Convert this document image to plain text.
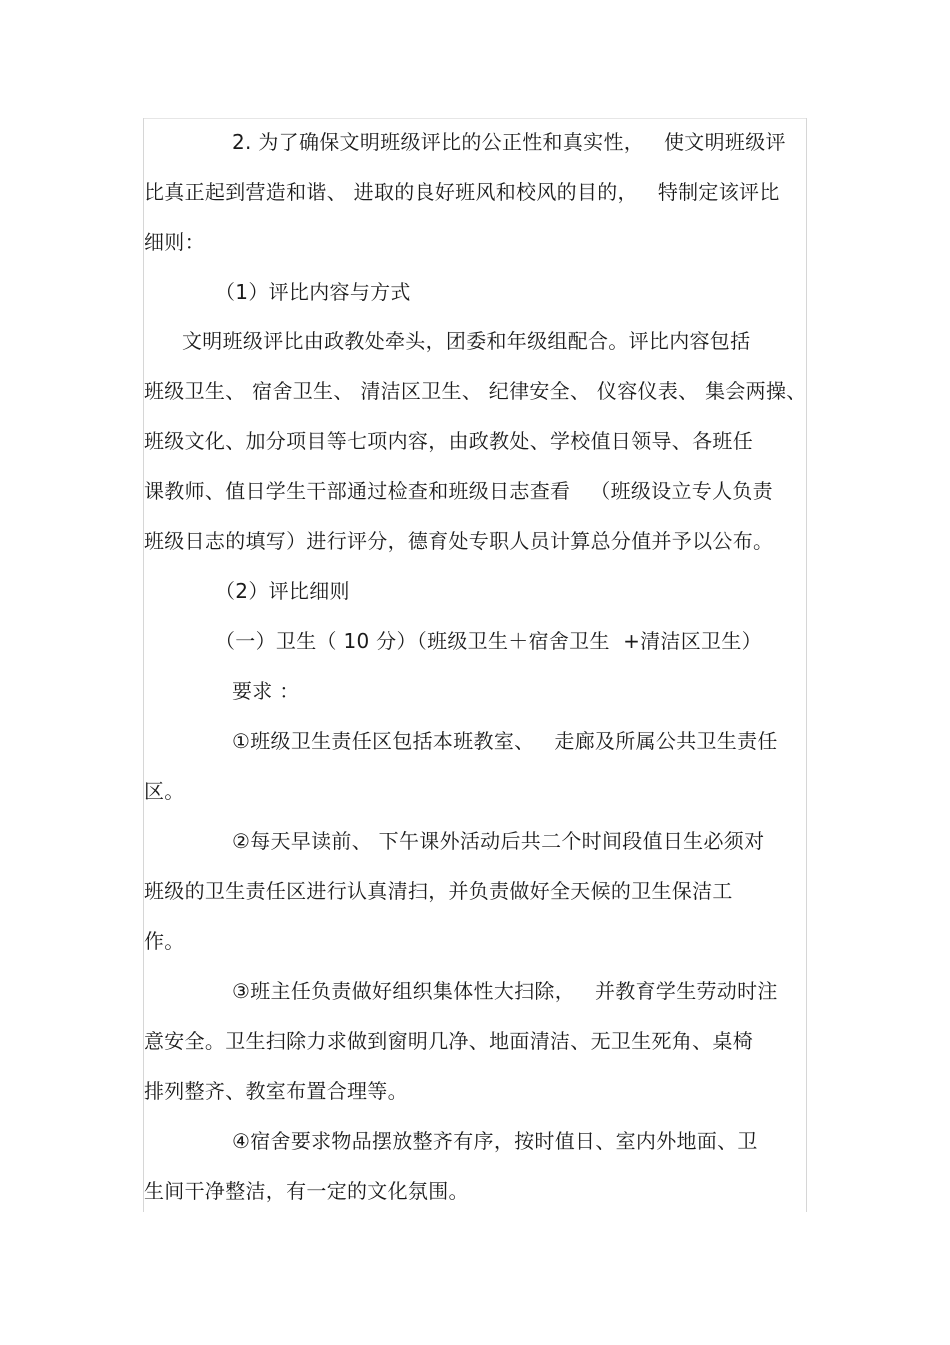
2. 为了确保文明班级评比的公正性和真实性，   使文明班级评
比真正起到营造和谐、 进取的良好班风和校风的目的，   特制定该评比
细则：
（1）评比内容与方式
文明班级评比由政教处牵头，团委和年级组配合。评比内容包括
班级卫生、 宿舍卫生、 清洁区卫生、 纪律安全、 仪容仪表、 集会两操、
班级文化、加分项目等七项内容，由政教处、学校值日领导、各班任
课教师、值日学生干部通过检查和班级日志查看   （班级设立专人负责
班级日志的填写）进行评分，德育处专职人员计算总分值并予以公布。
（2）评比细则
（一）卫生（ 10 分）（班级卫生＋宿舍卫生  +清洁区卫生）
要求 ：
①班级卫生责任区包括本班教室、   走廊及所属公共卫生责任
区。
②每天早读前、 下午课外活动后共二个时间段值日生必须对
班级的卫生责任区进行认真清扫，并负责做好全天候的卫生保洁工
作。
③班主任负责做好组织集体性大扫除，   并教育学生劳动时注
意安全。卫生扫除力求做到窗明几净、地面清洁、无卫生死角、桌椅
排列整齐、教室布置合理等。
④宿舍要求物品摆放整齐有序，按时值日、室内外地面、卫
生间干净整洁，有一定的文化氛围。
